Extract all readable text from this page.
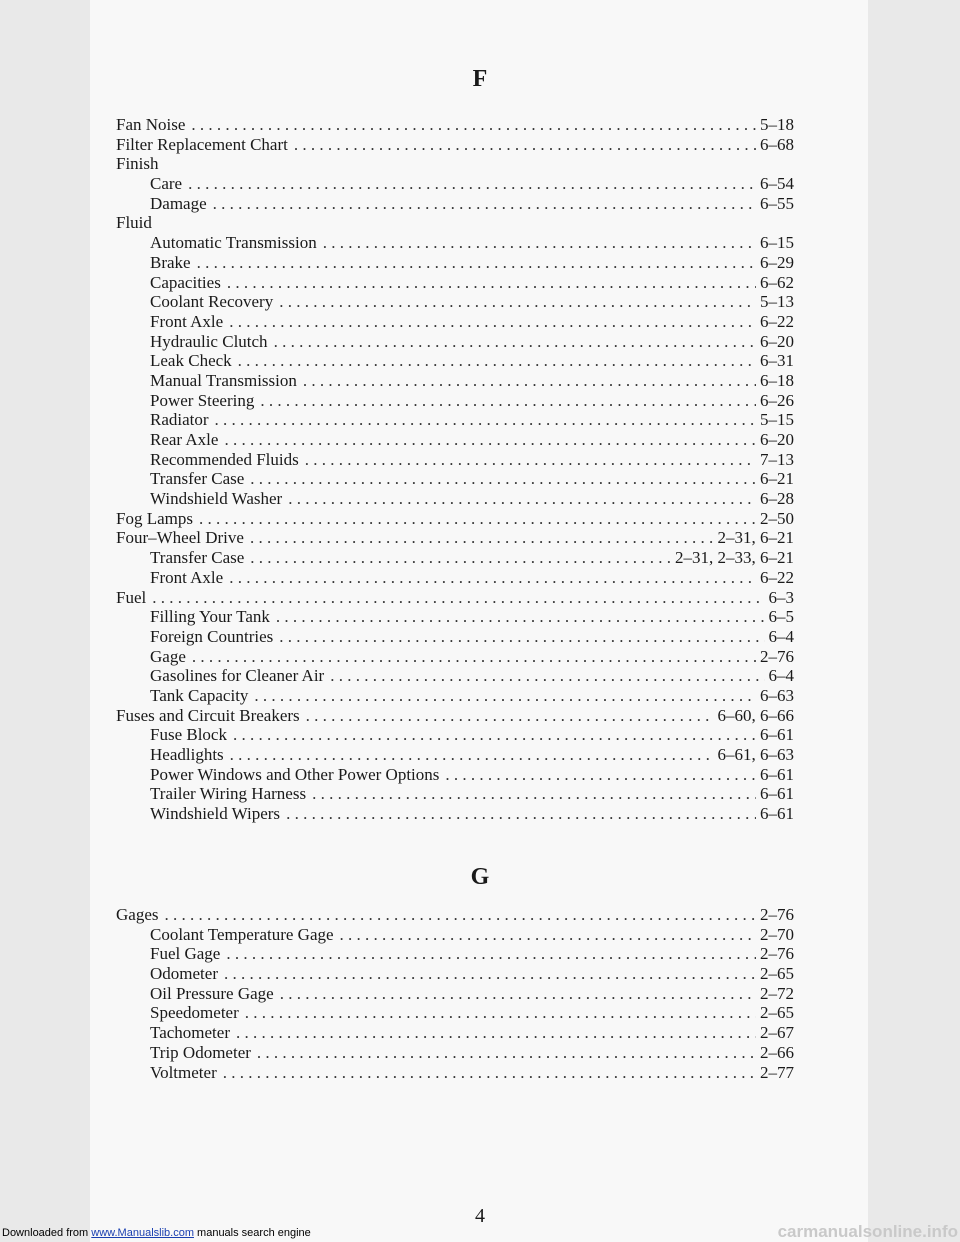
F
Fan Noise . . .	5–18
Filter Replacement Chart . . .	6–68
Finish
Care . . .	6–54
Damage . . .	6–55
Fluid
Automatic Transmission . . .	6–15
Brake . . .	6–29
Capacities . . .	6–62
Coolant Recovery . . .	5–13
Front Axle . . .	6–22
Hydraulic Clutch . . .	6–20
Leak Check . . .	6–31
Manual Transmission . . .	6–18
Power Steering . . .	6–26
Radiator . . .	5–15
Rear Axle . . .	6–20
Recommended Fluids . . .	7–13
Transfer Case . . .	6–21
Windshield Washer . . .	6–28
Fog Lamps . . .	2–50
Four–Wheel Drive . . .	2–31, 6–21
Transfer Case . . .	2–31, 2–33, 6–21
Front Axle . . .	6–22
Fuel . . .	6–3
Filling Your Tank . . .	6–5
Foreign Countries . . .	6–4
Gage . . .	2–76
Gasolines for Cleaner Air . . .	6–4
Tank Capacity . . .	6–63
Fuses and Circuit Breakers . . .	6–60, 6–66
Fuse Block . . .	6–61
Headlights . . .	6–61, 6–63
Power Windows and Other Power Options . . .	6–61
Trailer Wiring Harness . . .	6–61
Windshield Wipers . . .	6–61
G
Gages . . .	2–76
Coolant Temperature Gage . . .	2–70
Fuel Gage . . .	2–76
Odometer . . .	2–65
Oil Pressure Gage . . .	2–72
Speedometer . . .	2–65
Tachometer . . .	2–67
Trip Odometer . . .	2–66
Voltmeter . . .	2–77
4
Downloaded from www.Manualslib.com manuals search engine	carmanualsonline.info
